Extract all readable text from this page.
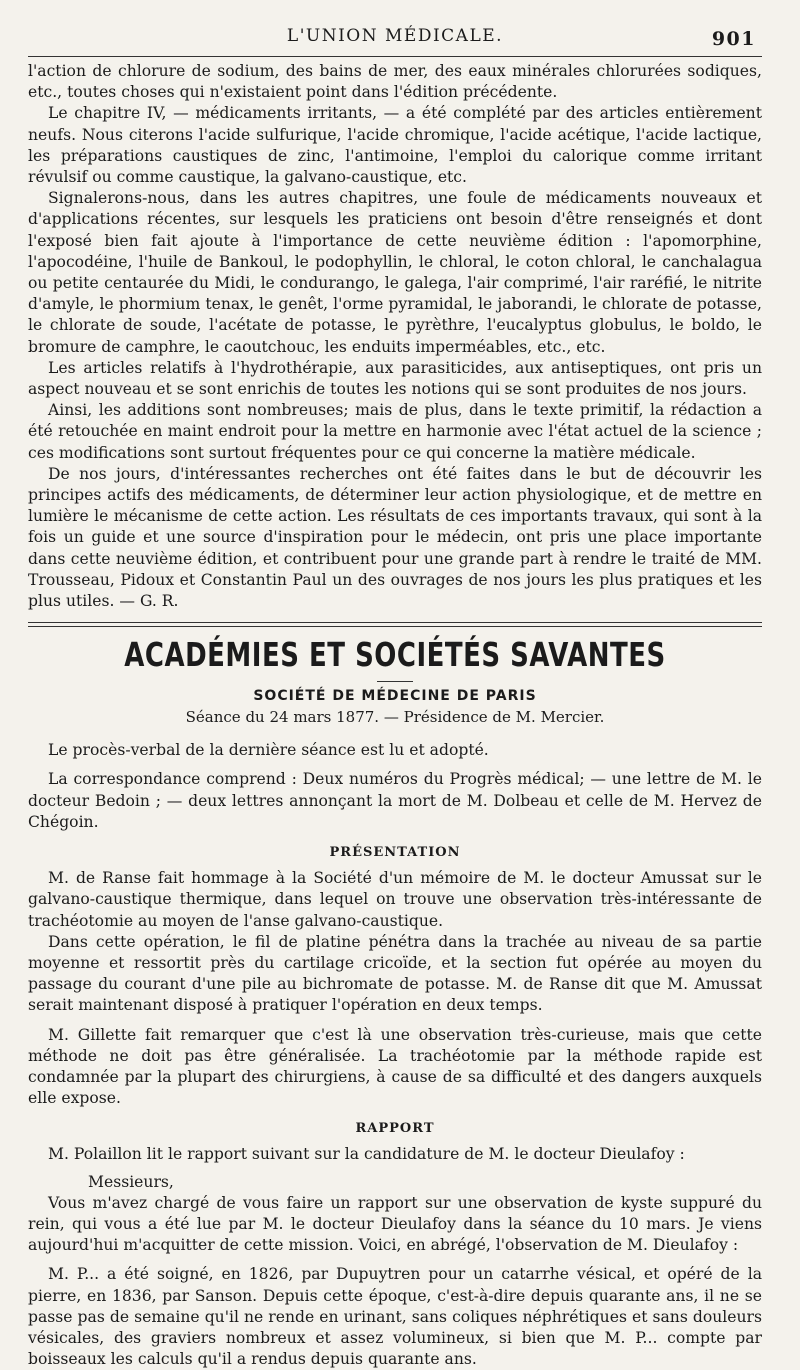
L'UNION MÉDICALE.	901

l'action de chlorure de sodium, des bains de mer, des eaux minérales chlorurées sodiques, etc., toutes choses qui n'existaient point dans l'édition précédente.

Le chapitre IV, — médicaments irritants, — a été complété par des articles entièrement neufs. Nous citerons l'acide sulfurique, l'acide chromique, l'acide acétique, l'acide lactique, les préparations caustiques de zinc, l'antimoine, l'emploi du calorique comme irritant révulsif ou comme caustique, la galvano-caustique, etc.

Signalerons-nous, dans les autres chapitres, une foule de médicaments nouveaux et d'applications récentes, sur lesquels les praticiens ont besoin d'être renseignés et dont l'exposé bien fait ajoute à l'importance de cette neuvième édition : l'apomorphine, l'apocodéine, l'huile de Bankoul, le podophyllin, le chloral, le coton chloral, le canchalagua ou petite centaurée du Midi, le condurango, le galega, l'air comprimé, l'air raréfié, le nitrite d'amyle, le phormium tenax, le genêt, l'orme pyramidal, le jaborandi, le chlorate de potasse, le chlorate de soude, l'acétate de potasse, le pyrèthre, l'eucalyptus globulus, le boldo, le bromure de camphre, le caoutchouc, les enduits imperméables, etc., etc.

Les articles relatifs à l'hydrothérapie, aux parasiticides, aux antiseptiques, ont pris un aspect nouveau et se sont enrichis de toutes les notions qui se sont produites de nos jours.

Ainsi, les additions sont nombreuses; mais de plus, dans le texte primitif, la rédaction a été retouchée en maint endroit pour la mettre en harmonie avec l'état actuel de la science ; ces modifications sont surtout fréquentes pour ce qui concerne la matière médicale.

De nos jours, d'intéressantes recherches ont été faites dans le but de découvrir les principes actifs des médicaments, de déterminer leur action physiologique, et de mettre en lumière le mécanisme de cette action. Les résultats de ces importants travaux, qui sont à la fois un guide et une source d'inspiration pour le médecin, ont pris une place importante dans cette neuvième édition, et contribuent pour une grande part à rendre le traité de MM. Trousseau, Pidoux et Constantin Paul un des ouvrages de nos jours les plus pratiques et les plus utiles. — G. R.

ACADÉMIES ET SOCIÉTÉS SAVANTES
SOCIÉTÉ DE MÉDECINE DE PARIS
Séance du 24 mars 1877. — Présidence de M. Mercier.

Le procès-verbal de la dernière séance est lu et adopté.

La correspondance comprend : Deux numéros du Progrès médical; — une lettre de M. le docteur Bedoin ; — deux lettres annonçant la mort de M. Dolbeau et celle de M. Hervez de Chégoin.

PRÉSENTATION

M. de Ranse fait hommage à la Société d'un mémoire de M. le docteur Amussat sur le galvano-caustique thermique, dans lequel on trouve une observation très-intéressante de trachéotomie au moyen de l'anse galvano-caustique.

Dans cette opération, le fil de platine pénétra dans la trachée au niveau de sa partie moyenne et ressortit près du cartilage cricoïde, et la section fut opérée au moyen du passage du courant d'une pile au bichromate de potasse. M. de Ranse dit que M. Amussat serait maintenant disposé à pratiquer l'opération en deux temps.

M. Gillette fait remarquer que c'est là une observation très-curieuse, mais que cette méthode ne doit pas être généralisée. La trachéotomie par la méthode rapide est condamnée par la plupart des chirurgiens, à cause de sa difficulté et des dangers auxquels elle expose.

RAPPORT

M. Polaillon lit le rapport suivant sur la candidature de M. le docteur Dieulafoy :

Messieurs,

Vous m'avez chargé de vous faire un rapport sur une observation de kyste suppuré du rein, qui vous a été lue par M. le docteur Dieulafoy dans la séance du 10 mars. Je viens aujourd'hui m'acquitter de cette mission. Voici, en abrégé, l'observation de M. Dieulafoy :

M. P... a été soigné, en 1826, par Dupuytren pour un catarrhe vésical, et opéré de la pierre, en 1836, par Sanson. Depuis cette époque, c'est-à-dire depuis quarante ans, il ne se passe pas de semaine qu'il ne rende en urinant, sans coliques néphrétiques et sans douleurs vésicales, des graviers nombreux et assez volumineux, si bien que M. P... compte par boisseaux les calculs qu'il a rendus depuis quarante ans.
